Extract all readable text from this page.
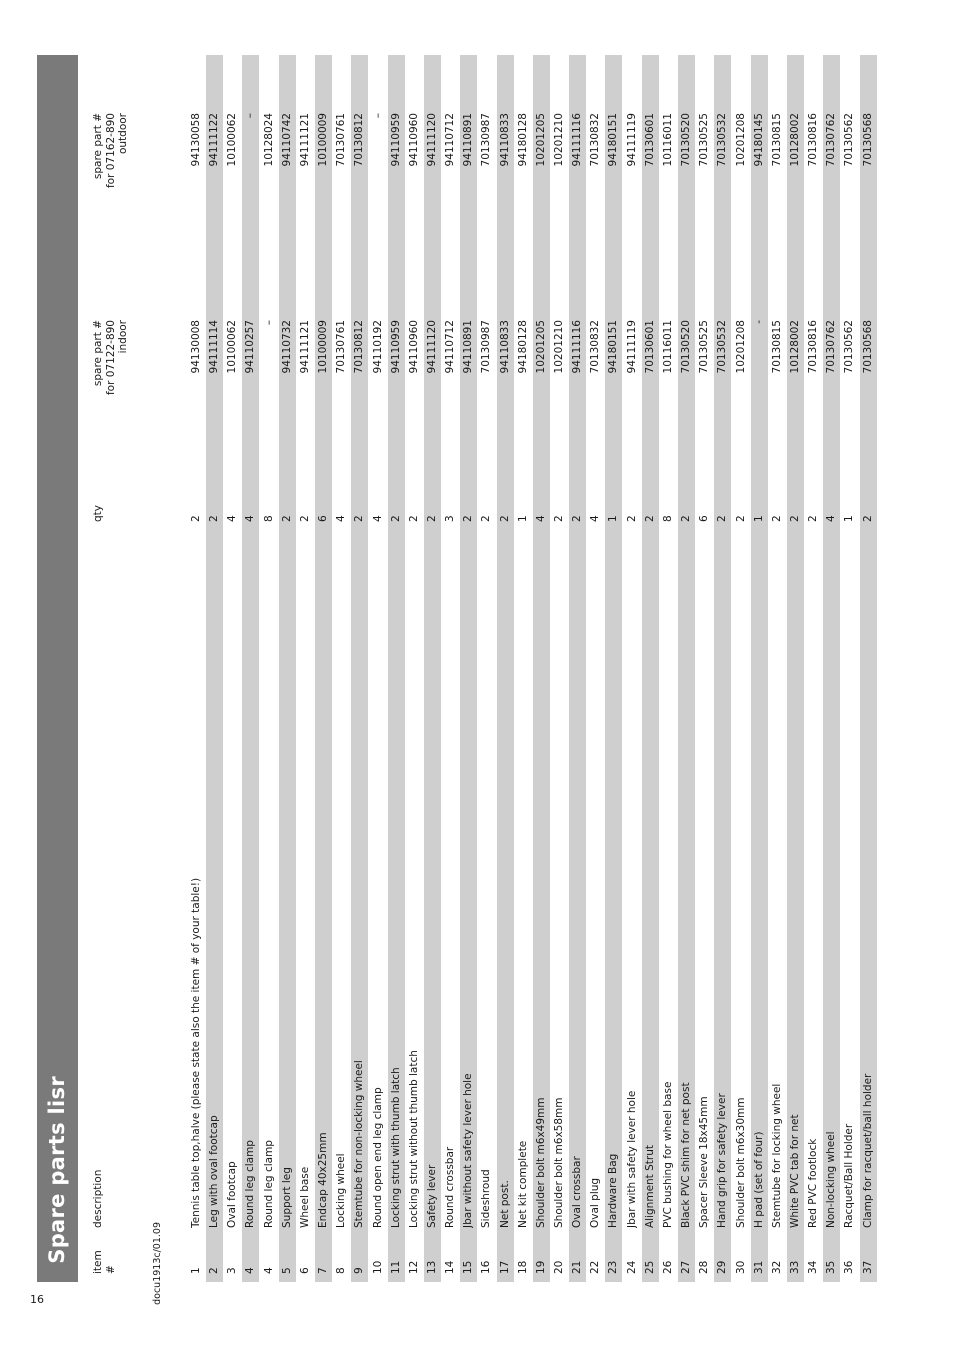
16
Spare parts lisr	item #
description
qty
spare part # for 07122-890 indoor
spare part # for 07162-890 outdoor
1
Tennis table top,halve (please state also the item # of your table!)
2
94130008
94130058
2
Leg with oval footcap
2
94111114
94111122
3
Oval footcap
4
10100062
10100062
4
Round leg clamp
4
94110257
–
4
Round leg clamp
8
–
10128024
5
Support leg
2
94110732
94110742
6
Wheel base
2
94111121
94111121
7
Endcap 40x25mm
6
10100009
10100009
8
Locking wheel
4
70130761
70130761
9
Stemtube for non-locking wheel
2
70130812
70130812
10
Round open end leg clamp
4
94110192
–
11
Locking strut with thumb latch
2
94110959
94110959
12
Locking strut without thumb latch
2
94110960
94110960
13
Safety lever
2
94111120
94111120
14
Round crossbar
3
94110712
94110712
15
Jbar without safety lever hole
2
94110891
94110891
16
Sideshroud
2
70130987
70130987
17
Net post.
2
94110833
94110833
18
Net kit complete
1
94180128
94180128
19
Shoulder bolt m6x49mm
4
10201205
10201205
20
Shoulder bolt m6x58mm
2
10201210
10201210
21
Oval crossbar
2
94111116
94111116
22
Oval plug
4
70130832
70130832
23
Hardware Bag
1
94180151
94180151
24
Jbar with safety lever hole
2
94111119
94111119
25
Alignment Strut
2
70130601
70130601
26
PVC bushing for wheel base
8
10116011
10116011
27
Black PVC shim for net post
2
70130520
70130520
28
Spacer Sleeve 18x45mm
6
70130525
70130525
29
Hand grip for safety lever
2
70130532
70130532
30
Shoulder bolt m6x30mm
2
10201208
10201208
31
H pad (set of four)
1
-
94180145
32
Stemtube for locking wheel
2
70130815
70130815
33
White PVC tab for net
2
10128002
10128002
34
Red PVC footlock
2
70130816
70130816
35
Non-locking wheel
4
70130762
70130762
36
Racquet/Ball Holder
1
70130562
70130562
37
Clamp for racquet/ball holder
2
70130568
70130568
docu1913c/01.09
